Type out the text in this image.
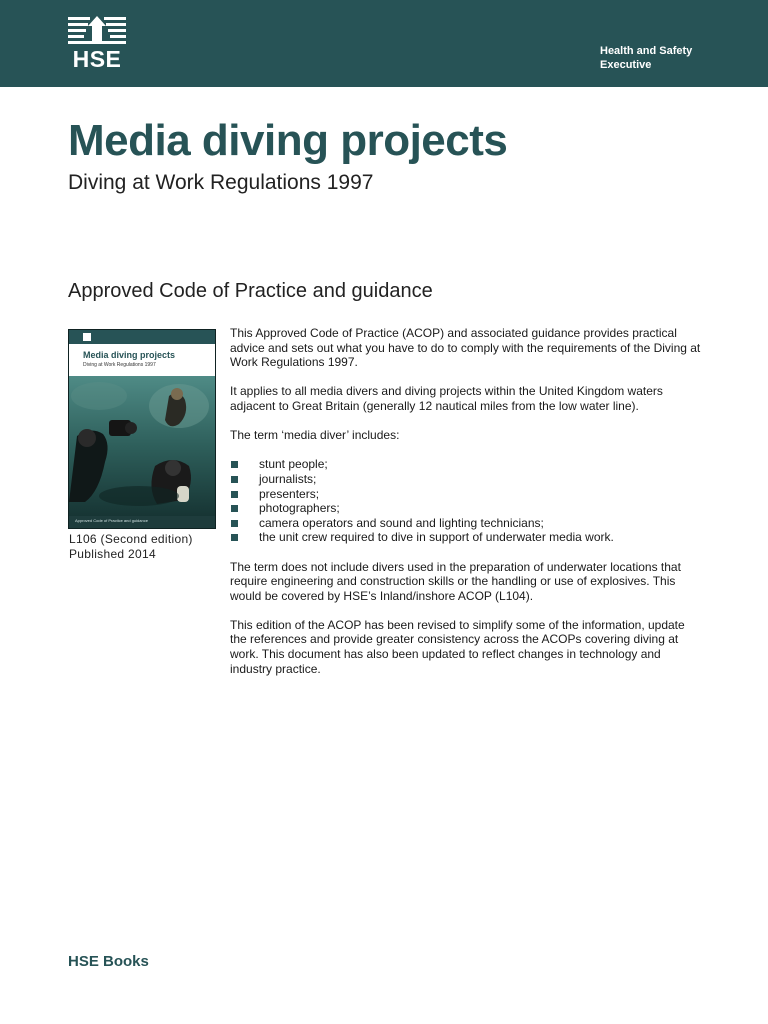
HSE	Health and Safety
Executive
Media diving projects
Diving at Work Regulations 1997
Approved Code of Practice and guidance
Media diving projects
Diving at Work Regulations 1997
Approved Code of Practice and guidance
L106 (Second edition)
Published 2014

This Approved Code of Practice (ACOP) and associated guidance provides practical advice and sets out what you have to do to comply with the requirements of the Diving at Work Regulations 1997.

It applies to all media divers and diving projects within the United Kingdom waters adjacent to Great Britain (generally 12 nautical miles from the low water line).

The term ‘media diver’ includes:

stunt people;
journalists;
presenters;
photographers;
camera operators and sound and lighting technicians;
the unit crew required to dive in support of underwater media work.

The term does not include divers used in the preparation of underwater locations that require engineering and construction skills or the handling or use of explosives. This would be covered by HSE’s Inland/inshore ACOP (L104).

This edition of the ACOP has been revised to simplify some of the information, update the references and provide greater consistency across the ACOPs covering diving at work. This document has also been updated to reflect changes in technology and industry practice.

HSE Books
